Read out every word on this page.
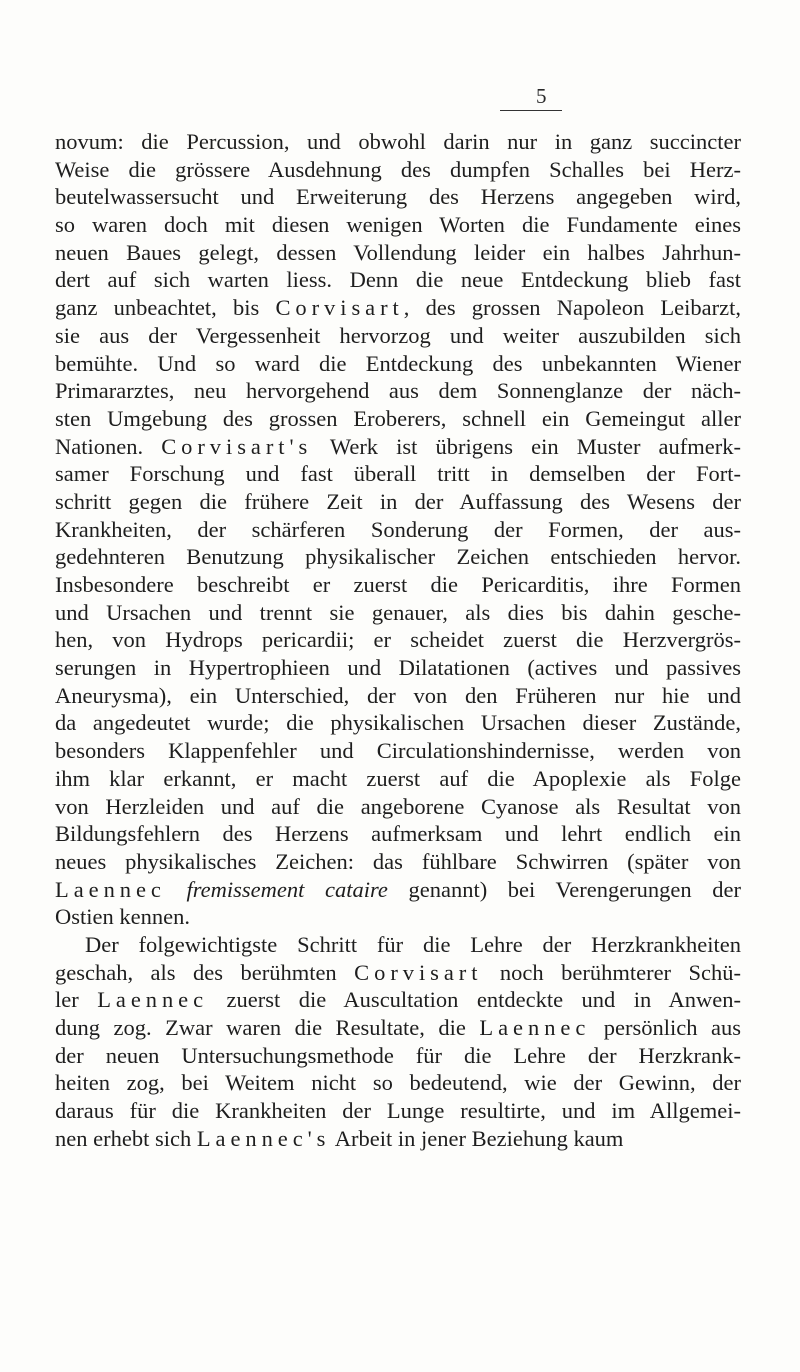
5
novum: die Percussion, und obwohl darin nur in ganz succincter
Weise die grössere Ausdehnung des dumpfen Schalles bei Herz-
beutelwassersucht und Erweiterung des Herzens angegeben wird,
so waren doch mit diesen wenigen Worten die Fundamente eines
neuen Baues gelegt, dessen Vollendung leider ein halbes Jahrhun-
dert auf sich warten liess. Denn die neue Entdeckung blieb fast
ganz unbeachtet, bis Corvisart, des grossen Napoleon Leibarzt,
sie aus der Vergessenheit hervorzog und weiter auszubilden sich
bemühte. Und so ward die Entdeckung des unbekannten Wiener
Primararztes, neu hervorgehend aus dem Sonnenglanze der näch-
sten Umgebung des grossen Eroberers, schnell ein Gemeingut aller
Nationen. Corvisart's Werk ist übrigens ein Muster aufmerk-
samer Forschung und fast überall tritt in demselben der Fort-
schritt gegen die frühere Zeit in der Auffassung des Wesens der
Krankheiten, der schärferen Sonderung der Formen, der aus-
gedehnteren Benutzung physikalischer Zeichen entschieden hervor.
Insbesondere beschreibt er zuerst die Pericarditis, ihre Formen
und Ursachen und trennt sie genauer, als dies bis dahin gesche-
hen, von Hydrops pericardii; er scheidet zuerst die Herzvergrös-
serungen in Hypertrophieen und Dilatationen (actives und passives
Aneurysma), ein Unterschied, der von den Früheren nur hie und
da angedeutet wurde; die physikalischen Ursachen dieser Zustände,
besonders Klappenfehler und Circulationshindernisse, werden von
ihm klar erkannt, er macht zuerst auf die Apoplexie als Folge
von Herzleiden und auf die angeborene Cyanose als Resultat von
Bildungsfehlern des Herzens aufmerksam und lehrt endlich ein
neues physikalisches Zeichen: das fühlbare Schwirren (später von
Laennec fremissement cataire genannt) bei Verengerungen der
Ostien kennen.
Der folgewichtigste Schritt für die Lehre der Herzkrankheiten
geschah, als des berühmten Corvisart noch berühmterer Schü-
ler Laennec zuerst die Auscultation entdeckte und in Anwen-
dung zog. Zwar waren die Resultate, die Laennec persönlich aus
der neuen Untersuchungsmethode für die Lehre der Herzkrank-
heiten zog, bei Weitem nicht so bedeutend, wie der Gewinn, der
daraus für die Krankheiten der Lunge resultirte, und im Allgemei-
nen erhebt sich Laennec's Arbeit in jener Beziehung kaum
